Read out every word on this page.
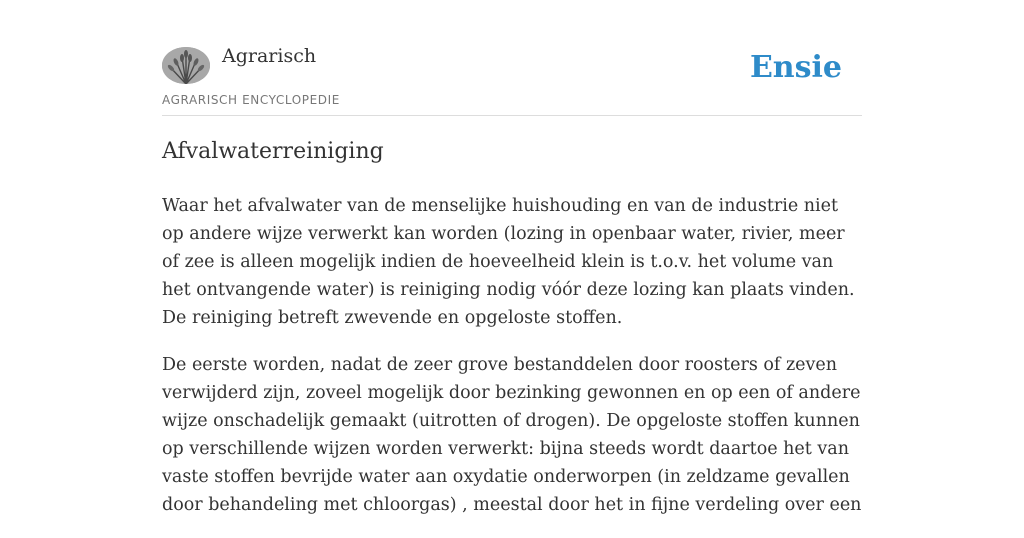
Agrarisch	Ensie
AGRARISCH ENCYCLOPEDIE
Afvalwaterreiniging

Waar het afvalwater van de menselijke huishouding en van de industrie niet op andere wijze verwerkt kan worden (lozing in openbaar water, rivier, meer of zee is alleen mogelijk indien de hoeveelheid klein is t.o.v. het volume van het ontvangende water) is reiniging nodig vóór deze lozing kan plaats vinden. De reiniging betreft zwevende en opgeloste stoffen.

De eerste worden, nadat de zeer grove bestanddelen door roosters of zeven verwijderd zijn, zoveel mogelijk door bezinking gewonnen en op een of andere wijze onschadelijk gemaakt (uitrotten of drogen). De opgeloste stoffen kunnen op verschillende wijzen worden verwerkt: bijna steeds wordt daartoe het van vaste stoffen bevrijde water aan oxydatie onderworpen (in zeldzame gevallen door behandeling met chloorgas) , meestal door het in fijne verdeling over een
